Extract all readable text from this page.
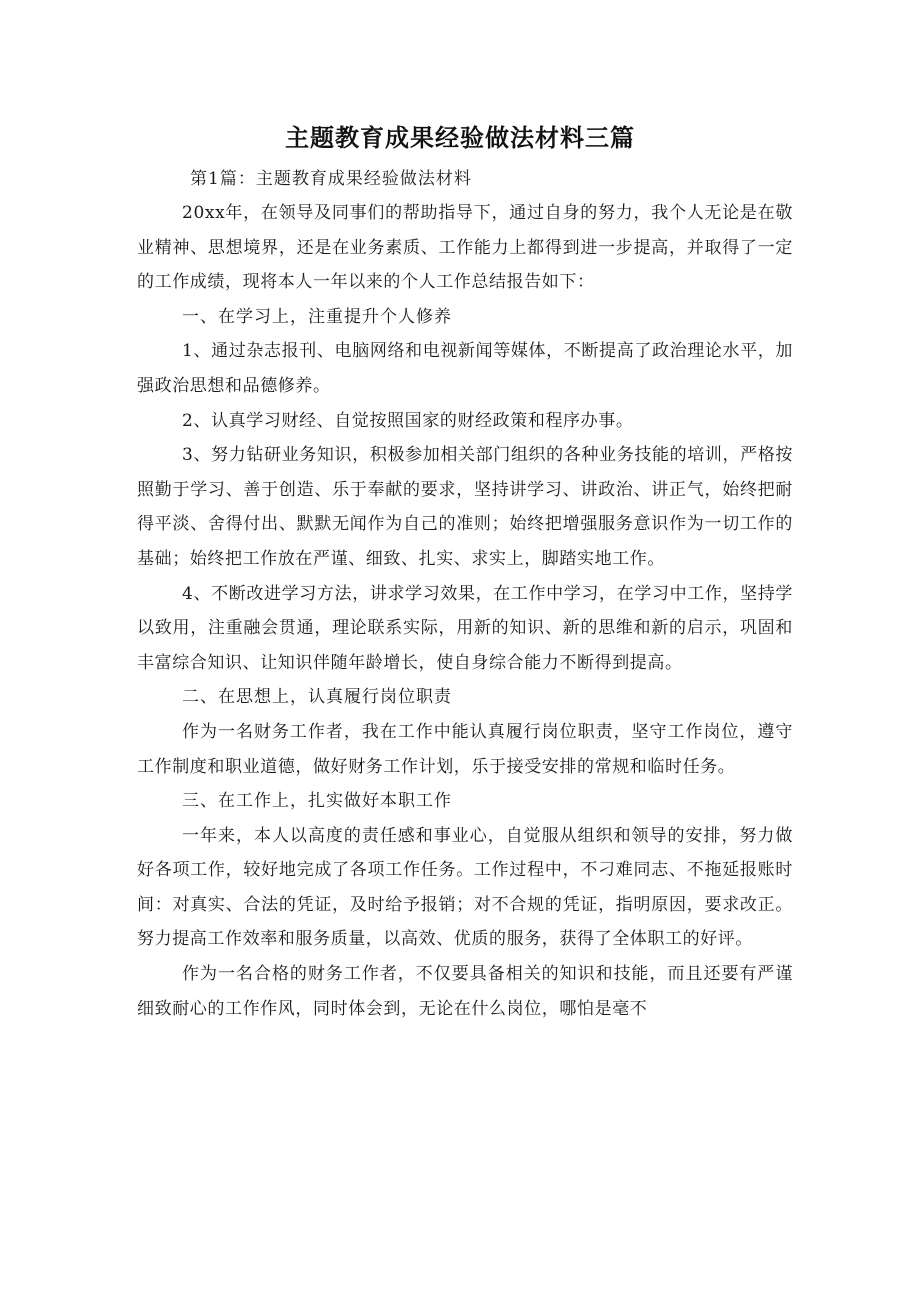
主题教育成果经验做法材料三篇
第1篇：主题教育成果经验做法材料

20xx年，在领导及同事们的帮助指导下，通过自身的努力，我个人无论是在敬业精神、思想境界，还是在业务素质、工作能力上都得到进一步提高，并取得了一定的工作成绩，现将本人一年以来的个人工作总结报告如下：

一、在学习上，注重提升个人修养

1、通过杂志报刊、电脑网络和电视新闻等媒体，不断提高了政治理论水平，加强政治思想和品德修养。

2、认真学习财经、自觉按照国家的财经政策和程序办事。

3、努力钻研业务知识，积极参加相关部门组织的各种业务技能的培训，严格按照勤于学习、善于创造、乐于奉献的要求，坚持讲学习、讲政治、讲正气，始终把耐得平淡、舍得付出、默默无闻作为自己的准则；始终把增强服务意识作为一切工作的基础；始终把工作放在严谨、细致、扎实、求实上，脚踏实地工作。

4、不断改进学习方法，讲求学习效果，在工作中学习，在学习中工作，坚持学以致用，注重融会贯通，理论联系实际，用新的知识、新的思维和新的启示，巩固和丰富综合知识、让知识伴随年龄增长，使自身综合能力不断得到提高。

二、在思想上，认真履行岗位职责

作为一名财务工作者，我在工作中能认真履行岗位职责，坚守工作岗位，遵守工作制度和职业道德，做好财务工作计划，乐于接受安排的常规和临时任务。

三、在工作上，扎实做好本职工作

一年来，本人以高度的责任感和事业心，自觉服从组织和领导的安排，努力做好各项工作，较好地完成了各项工作任务。工作过程中，不刁难同志、不拖延报账时间：对真实、合法的凭证，及时给予报销；对不合规的凭证，指明原因，要求改正。努力提高工作效率和服务质量，以高效、优质的服务，获得了全体职工的好评。

作为一名合格的财务工作者，不仅要具备相关的知识和技能，而且还要有严谨细致耐心的工作作风，同时体会到，无论在什么岗位，哪怕是毫不
